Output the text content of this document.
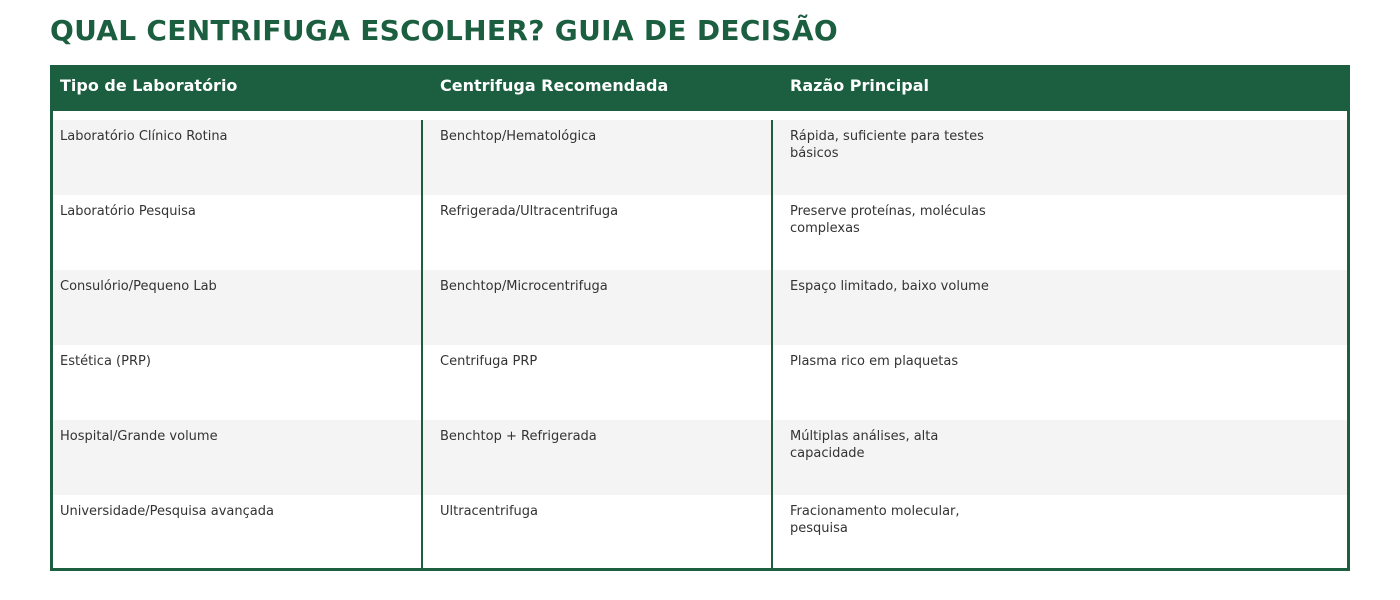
QUAL CENTRIFUGA ESCOLHER? GUIA DE DECISÃO
Tipo de Laboratório	Centrifuga Recomendada	Razão Principal
Laboratório Clínico Rotina	Benchtop/Hematológica	Rápida, suficiente para testes básicos
Laboratório Pesquisa	Refrigerada/Ultracentrifuga	Preserve proteínas, moléculas complexas
Consulório/Pequeno Lab	Benchtop/Microcentrifuga	Espaço limitado, baixo volume
Estética (PRP)	Centrifuga PRP	Plasma rico em plaquetas
Hospital/Grande volume	Benchtop + Refrigerada	Múltiplas análises, alta capacidade
Universidade/Pesquisa avançada	Ultracentrifuga	Fracionamento molecular, pesquisa
